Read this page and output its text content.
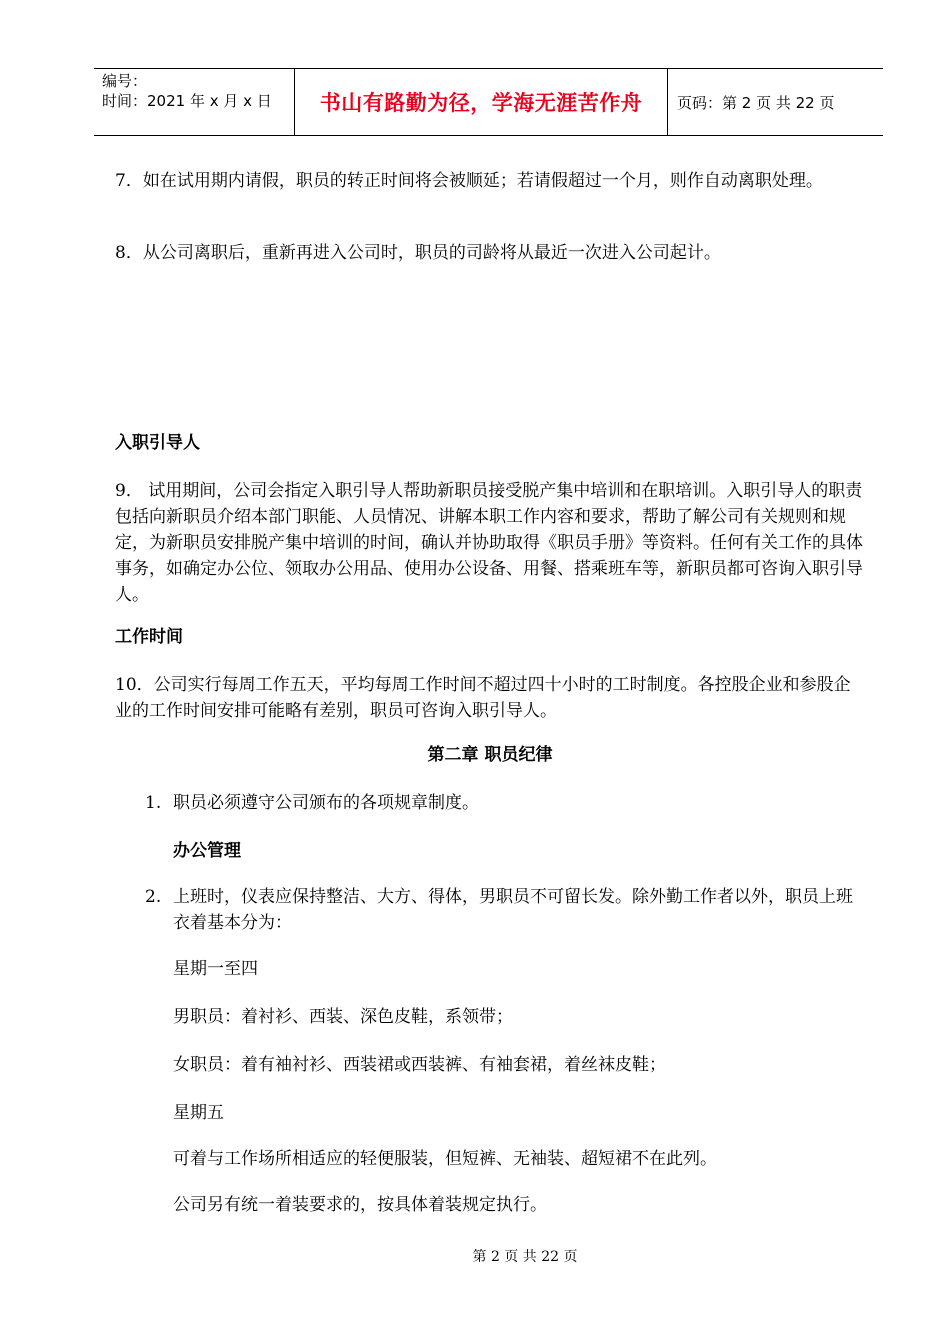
编号：
时间：2021 年 x 月 x 日	书山有路勤为径，学海无涯苦作舟	页码：第 2 页 共 22 页

7．如在试用期内请假，职员的转正时间将会被顺延；若请假超过一个月，则作自动离职处理。

8．从公司离职后，重新再进入公司时，职员的司龄将从最近一次进入公司起计。

入职引导人

9． 试用期间，公司会指定入职引导人帮助新职员接受脱产集中培训和在职培训。入职引导人的职责包括向新职员介绍本部门职能、人员情况、讲解本职工作内容和要求，帮助了解公司有关规则和规定，为新职员安排脱产集中培训的时间，确认并协助取得《职员手册》等资料。任何有关工作的具体事务，如确定办公位、领取办公用品、使用办公设备、用餐、搭乘班车等，新职员都可咨询入职引导人。

工作时间

10．公司实行每周工作五天，平均每周工作时间不超过四十小时的工时制度。各控股企业和参股企业的工作时间安排可能略有差别，职员可咨询入职引导人。

第二章 职员纪律
1. 职员必须遵守公司颁布的各项规章制度。

办公管理

2. 上班时，仪表应保持整洁、大方、得体，男职员不可留长发。除外勤工作者以外，职员上班衣着基本分为：

星期一至四

男职员：着衬衫、西装、深色皮鞋，系领带；

女职员：着有袖衬衫、西装裙或西装裤、有袖套裙，着丝袜皮鞋；

星期五

可着与工作场所相适应的轻便服装，但短裤、无袖装、超短裙不在此列。

公司另有统一着装要求的，按具体着装规定执行。

第 2 页 共 22 页
